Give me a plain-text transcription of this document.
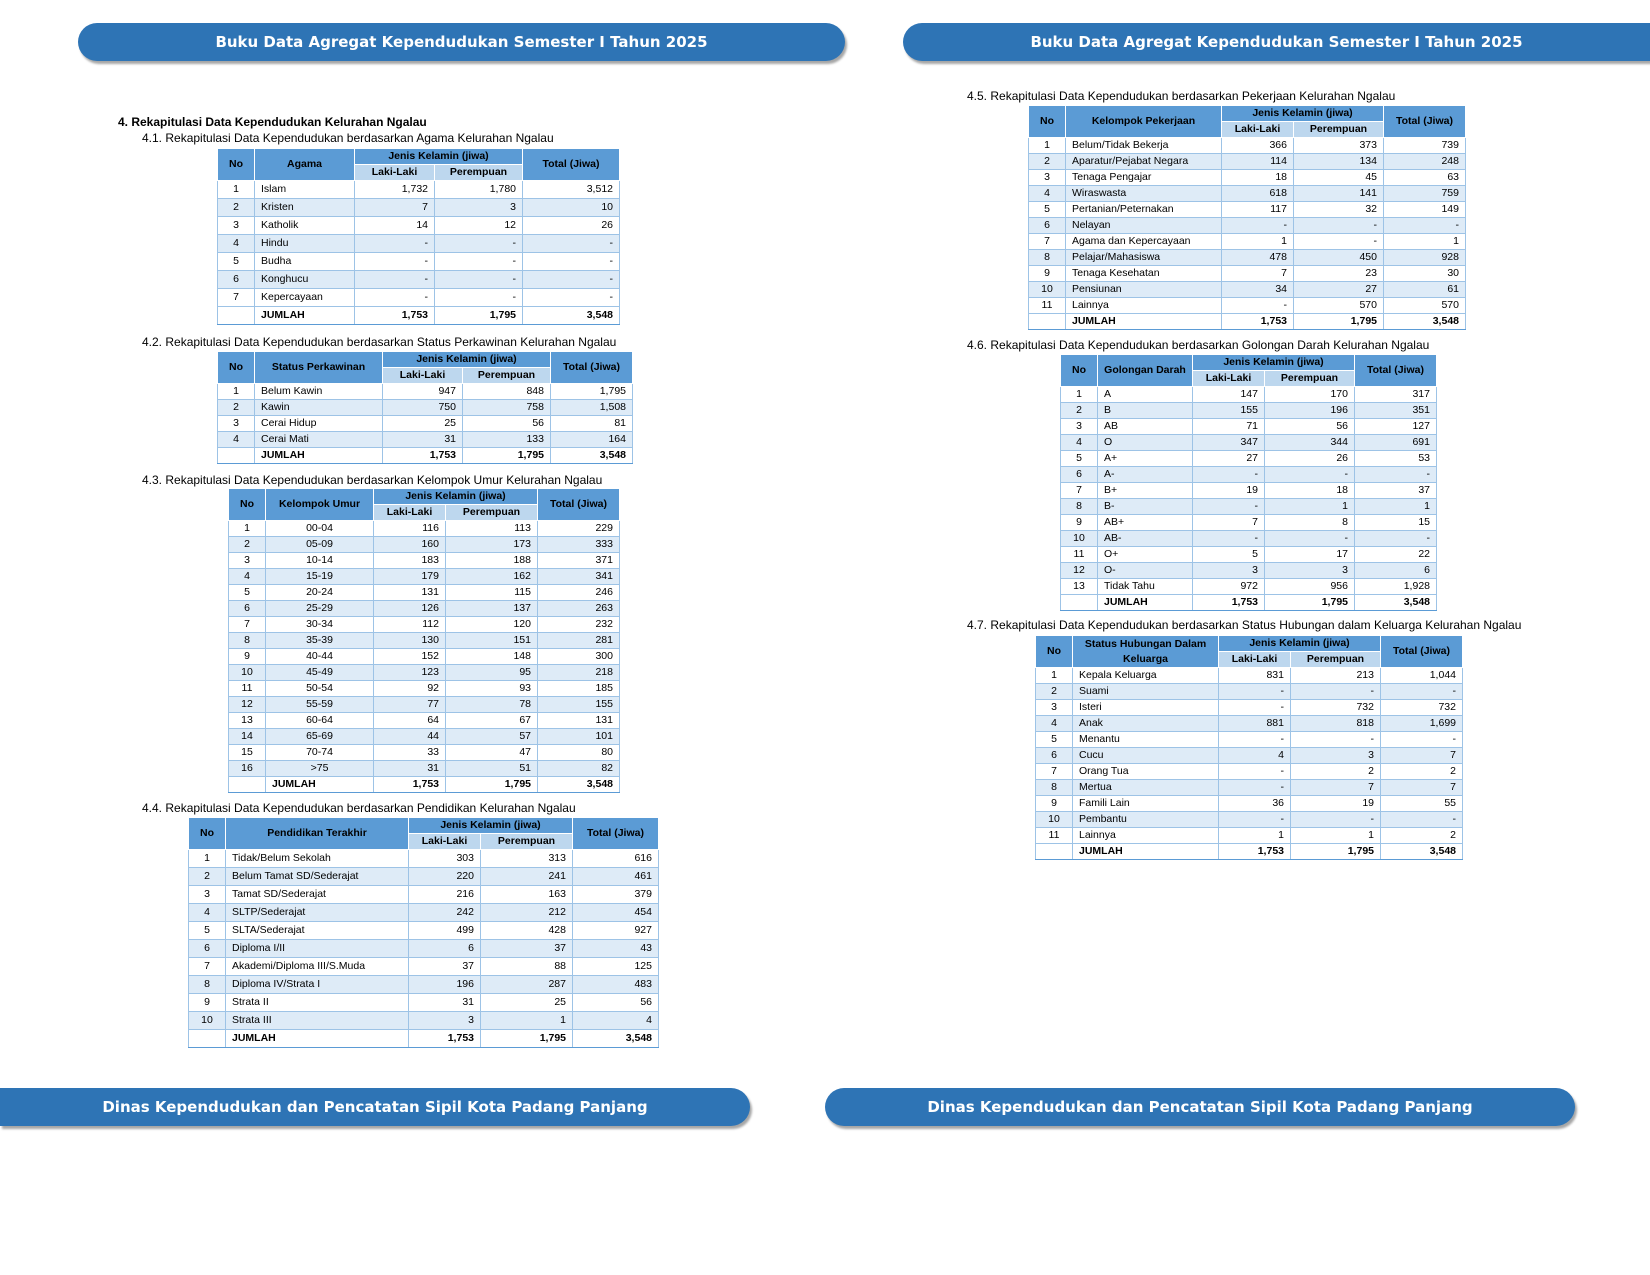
Buku Data Agregat Kependudukan Semester I Tahun 2025	Buku Data Agregat Kependudukan Semester I Tahun 2025
Dinas Kependudukan dan Pencatatan Sipil Kota Padang Panjang	Dinas Kependudukan dan Pencatatan Sipil Kota Padang Panjang
4. Rekapitulasi Data Kependudukan Kelurahan Ngalau
4.1. Rekapitulasi Data Kependudukan berdasarkan Agama Kelurahan Ngalau
No	Agama	Jenis Kelamin (jiwa)		Total (Jiwa)
		Laki-Laki	Perempuan	
1	Islam	1,732	1,780	3,512
2	Kristen	7	3	10
3	Katholik	14	12	26
4	Hindu	-	-	-
5	Budha	-	-	-
6	Konghucu	-	-	-
7	Kepercayaan	-	-	-
	JUMLAH	1,753	1,795	3,548
4.2. Rekapitulasi Data Kependudukan berdasarkan Status Perkawinan Kelurahan Ngalau
No	Status Perkawinan	Jenis Kelamin (jiwa)		Total (Jiwa)
		Laki-Laki	Perempuan	
1	Belum Kawin	947	848	1,795
2	Kawin	750	758	1,508
3	Cerai Hidup	25	56	81
4	Cerai Mati	31	133	164
	JUMLAH	1,753	1,795	3,548
4.3. Rekapitulasi Data Kependudukan berdasarkan Kelompok Umur Kelurahan Ngalau
No	Kelompok Umur	Jenis Kelamin (jiwa)		Total (Jiwa)
		Laki-Laki	Perempuan	
1	00-04	116	113	229
2	05-09	160	173	333
3	10-14	183	188	371
4	15-19	179	162	341
5	20-24	131	115	246
6	25-29	126	137	263
7	30-34	112	120	232
8	35-39	130	151	281
9	40-44	152	148	300
10	45-49	123	95	218
11	50-54	92	93	185
12	55-59	77	78	155
13	60-64	64	67	131
14	65-69	44	57	101
15	70-74	33	47	80
16	>75	31	51	82
	JUMLAH	1,753	1,795	3,548
4.4. Rekapitulasi Data Kependudukan berdasarkan Pendidikan Kelurahan Ngalau
No	Pendidikan Terakhir	Jenis Kelamin (jiwa)		Total (Jiwa)
		Laki-Laki	Perempuan	
1	Tidak/Belum Sekolah	303	313	616
2	Belum Tamat SD/Sederajat	220	241	461
3	Tamat SD/Sederajat	216	163	379
4	SLTP/Sederajat	242	212	454
5	SLTA/Sederajat	499	428	927
6	Diploma I/II	6	37	43
7	Akademi/Diploma III/S.Muda	37	88	125
8	Diploma IV/Strata I	196	287	483
9	Strata II	31	25	56
10	Strata III	3	1	4
	JUMLAH	1,753	1,795	3,548
4.5. Rekapitulasi Data Kependudukan berdasarkan Pekerjaan Kelurahan Ngalau
No	Kelompok Pekerjaan	Jenis Kelamin (jiwa)		Total (Jiwa)
		Laki-Laki	Perempuan	
1	Belum/Tidak Bekerja	366	373	739
2	Aparatur/Pejabat Negara	114	134	248
3	Tenaga Pengajar	18	45	63
4	Wiraswasta	618	141	759
5	Pertanian/Peternakan	117	32	149
6	Nelayan	-	-	-
7	Agama dan Kepercayaan	1	-	1
8	Pelajar/Mahasiswa	478	450	928
9	Tenaga Kesehatan	7	23	30
10	Pensiunan	34	27	61
11	Lainnya	-	570	570
	JUMLAH	1,753	1,795	3,548
4.6. Rekapitulasi Data Kependudukan berdasarkan Golongan Darah Kelurahan Ngalau
No	Golongan Darah	Jenis Kelamin (jiwa)		Total (Jiwa)
		Laki-Laki	Perempuan	
1	A	147	170	317
2	B	155	196	351
3	AB	71	56	127
4	O	347	344	691
5	A+	27	26	53
6	A-	-	-	-
7	B+	19	18	37
8	B-	-	1	1
9	AB+	7	8	15
10	AB-	-	-	-
11	O+	5	17	22
12	O-	3	3	6
13	Tidak Tahu	972	956	1,928
	JUMLAH	1,753	1,795	3,548
4.7. Rekapitulasi Data Kependudukan berdasarkan Status Hubungan dalam Keluarga Kelurahan Ngalau
No	Status Hubungan Dalam Keluarga	Jenis Kelamin (jiwa)		Total (Jiwa)
		Laki-Laki	Perempuan	
1	Kepala Keluarga	831	213	1,044
2	Suami	-	-	-
3	Isteri	-	732	732
4	Anak	881	818	1,699
5	Menantu	-	-	-
6	Cucu	4	3	7
7	Orang Tua	-	2	2
8	Mertua	-	7	7
9	Famili Lain	36	19	55
10	Pembantu	-	-	-
11	Lainnya	1	1	2
	JUMLAH	1,753	1,795	3,548
